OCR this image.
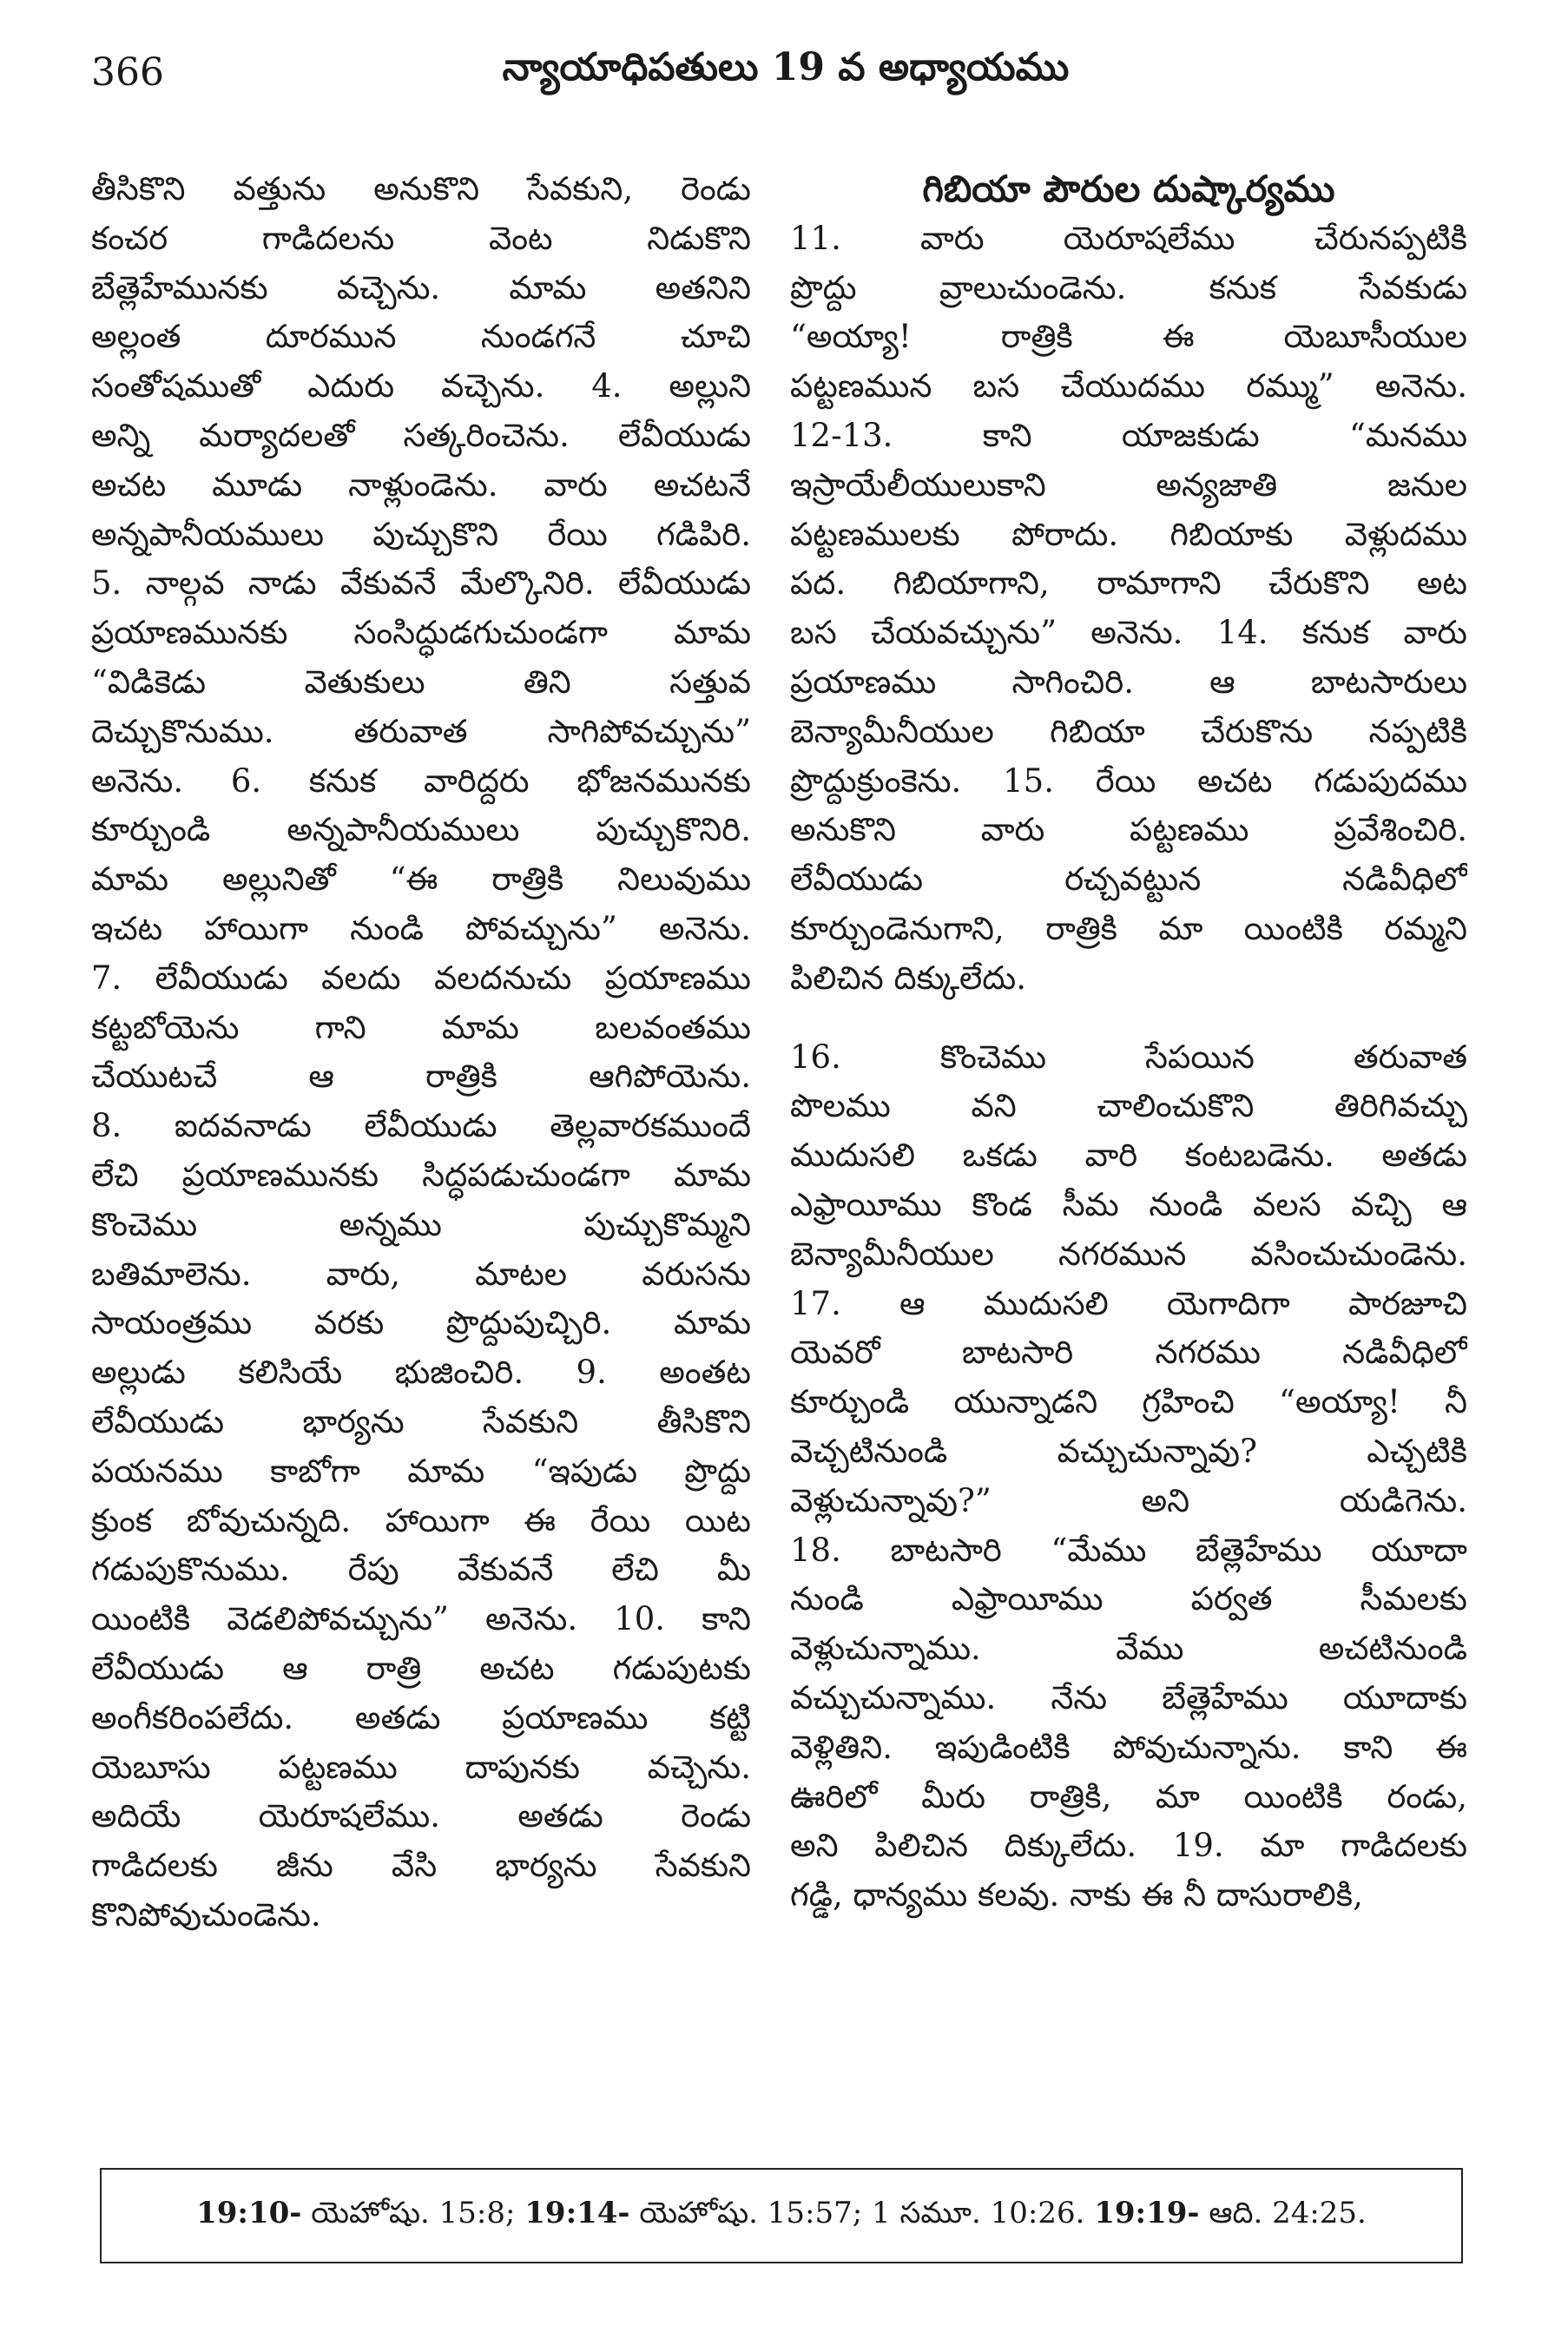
366	న్యాయాధిపతులు 19 వ అధ్యాయము
తీసికొని వత్తును అనుకొని సేవకుని, రెండు
కంచర గాడిదలను వెంట నిడుకొని
బేత్లెహేమునకు వచ్చెను. మామ అతనిని
అల్లంత దూరమున నుండగనే చూచి
సంతోషముతో ఎదురు వచ్చెను. 4. అల్లుని
అన్ని మర్యాదలతో సత్కరించెను. లేవీయుడు
అచట మూడు నాళ్లుండెను. వారు అచటనే
అన్నపానీయములు పుచ్చుకొని రేయి గడిపిరి.
5. నాల్గవ నాడు వేకువనే మేల్కొనిరి. లేవీయుడు
ప్రయాణమునకు సంసిద్ధుడగుచుండగా మామ
“విడికెడు వెతుకులు తిని సత్తువ
దెచ్చుకొనుము. తరువాత సాగిపోవచ్చును”
అనెను. 6. కనుక వారిద్దరు భోజనమునకు
కూర్చుండి అన్నపానీయములు పుచ్చుకొనిరి.
మామ అల్లునితో “ఈ రాత్రికి నిలువుము
ఇచట హాయిగా నుండి పోవచ్చును” అనెను.
7. లేవీయుడు వలదు వలదనుచు ప్రయాణము
కట్టబోయెను గాని మామ బలవంతము
చేయుటచే ఆ రాత్రికి ఆగిపోయెను.
8. ఐదవనాడు లేవీయుడు తెల్లవారకముందే
లేచి ప్రయాణమునకు సిద్ధపడుచుండగా మామ
కొంచెము అన్నము పుచ్చుకొమ్మని
బతిమాలెను. వారు, మాటల వరుసను
సాయంత్రము వరకు ప్రొద్దుపుచ్చిరి. మామ
అల్లుడు కలిసియే భుజించిరి. 9. అంతట
లేవీయుడు భార్యను సేవకుని తీసికొని
పయనము కాబోగా మామ “ఇపుడు ప్రొద్దు
క్రుంక బోవుచున్నది. హాయిగా ఈ రేయి యిట
గడుపుకొనుము. రేపు వేకువనే లేచి మీ
యింటికి వెడలిపోవచ్చును” అనెను. 10. కాని
లేవీయుడు ఆ రాత్రి అచట గడుపుటకు
అంగీకరింపలేదు. అతడు ప్రయాణము కట్టి
యెబూసు పట్టణము దాపునకు వచ్చెను.
అదియే యెరూషలేము. అతడు రెండు
గాడిదలకు జీను వేసి భార్యను సేవకుని
కొనిపోవుచుండెను.
గిబియా పౌరుల దుష్కార్యము
11. వారు యెరూషలేము చేరునప్పటికి
ప్రొద్దు వ్రాలుచుండెను. కనుక సేవకుడు
“అయ్యా! రాత్రికి ఈ యెబూసీయుల
పట్టణమున బస చేయుదము రమ్ము” అనెను.
12-13. కాని యాజకుడు “మనము
ఇస్రాయేలీయులుకాని అన్యజాతి జనుల
పట్టణములకు పోరాదు. గిబియాకు వెళ్లుదము
పద. గిబియాగాని, రామాగాని చేరుకొని అట
బస చేయవచ్చును” అనెను. 14. కనుక వారు
ప్రయాణము సాగించిరి. ఆ బాటసారులు
బెన్యామీనీయుల గిబియా చేరుకొను నప్పటికి
ప్రొద్దుక్రుంకెను. 15. రేయి అచట గడుపుదము
అనుకొని వారు పట్టణము ప్రవేశించిరి.
లేవీయుడు రచ్చవట్టున నడివీధిలో
కూర్చుండెనుగాని, రాత్రికి మా యింటికి రమ్మని
పిలిచిన దిక్కులేదు.
16. కొంచెము సేపయిన తరువాత
పొలము వని చాలించుకొని తిరిగివచ్చు
ముదుసలి ఒకడు వారి కంటబడెను. అతడు
ఎఫ్రాయీము కొండ సీమ నుండి వలస వచ్చి ఆ
బెన్యామీనీయుల నగరమున వసించుచుండెను.
17. ఆ ముదుసలి యెగాదిగా పారజూచి
యెవరో బాటసారి నగరము నడివీధిలో
కూర్చుండి యున్నాడని గ్రహించి “అయ్యా! నీ
వెచ్చటినుండి వచ్చుచున్నావు? ఎచ్చటికి
వెళ్లుచున్నావు?” అని యడిగెను.
18. బాటసారి “మేము బేత్లెహేము యూదా
నుండి ఎఫ్రాయీము పర్వత సీమలకు
వెళ్లుచున్నాము. వేము అచటినుండి
వచ్చుచున్నాము. నేను బేత్లెహేము యూదాకు
వెళ్లితిని. ఇపుడింటికి పోవుచున్నాను. కాని ఈ
ఊరిలో మీరు రాత్రికి, మా యింటికి రండు,
అని పిలిచిన దిక్కులేదు. 19. మా గాడిదలకు
గడ్డి, ధాన్యము కలవు. నాకు ఈ నీ దాసురాలికి,
19:10- యెహోషు. 15:8; 19:14- యెహోషు. 15:57; 1 సమూ. 10:26. 19:19- ఆది. 24:25.
